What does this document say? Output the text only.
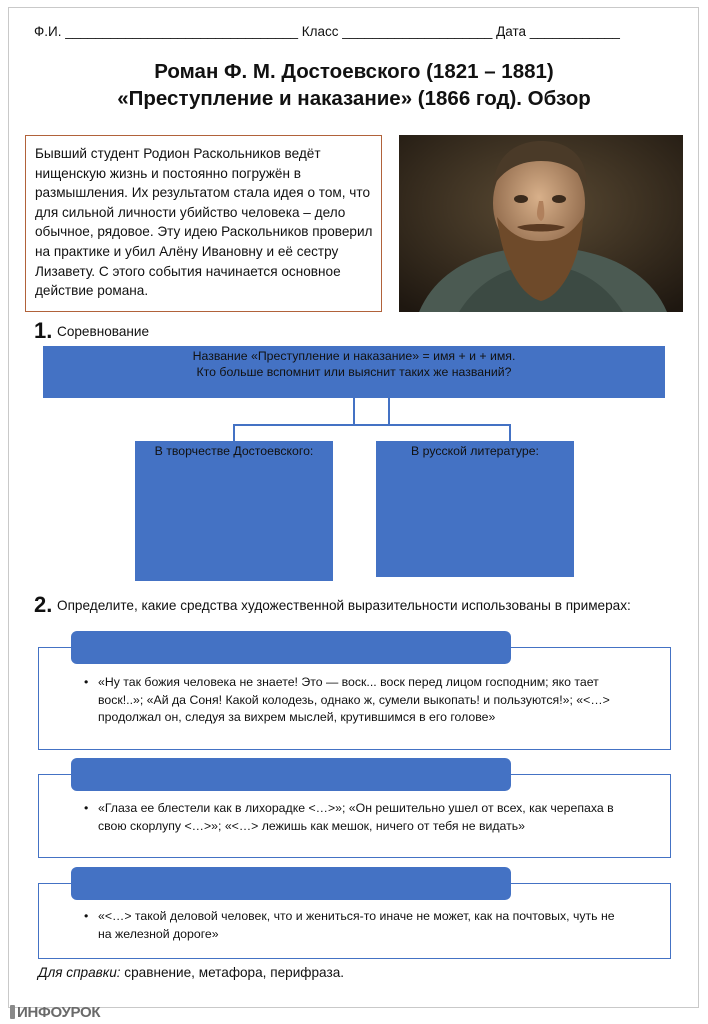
Ф.И. _______________________________ Класс ____________________ Дата ____________
Роман Ф. М. Достоевского (1821 – 1881)
«Преступление и наказание» (1866 год). Обзор
Бывший студент Родион Раскольников ведёт нищенскую жизнь и постоянно погружён в размышления. Их результатом стала идея о том, что для сильной личности убийство человека – дело обычное, рядовое. Эту идею Раскольников проверил на практике и убил Алёну Ивановну и её сестру Лизавету. С этого события начинается основное действие романа.
1. Соревнование
Название «Преступление и наказание» = имя + и + имя.
Кто больше вспомнит или выяснит таких же названий?
В творчестве Достоевского:	В русской литературе:
2. Определите, какие средства художественной выразительности использованы в примерах:
• «Ну так божия человека не знаете! Это — воск... воск перед лицом господним; яко тает воск!..»; «Ай да Соня! Какой колодезь, однако ж, сумели выкопать! и пользуются!»; «<…> продолжал он, следуя за вихрем мыслей, крутившимся в его голове»
• «Глаза ее блестели как в лихорадке <…>»; «Он решительно ушел от всех, как черепаха в свою скорлупу <…>»; «<…> лежишь как мешок, ничего от тебя не видать»
• «<…> такой деловой человек, что и жениться-то иначе не может, как на почтовых, чуть не на железной дороге»
Для справки: сравнение, метафора, перифраза.
ИНФОУРОК
